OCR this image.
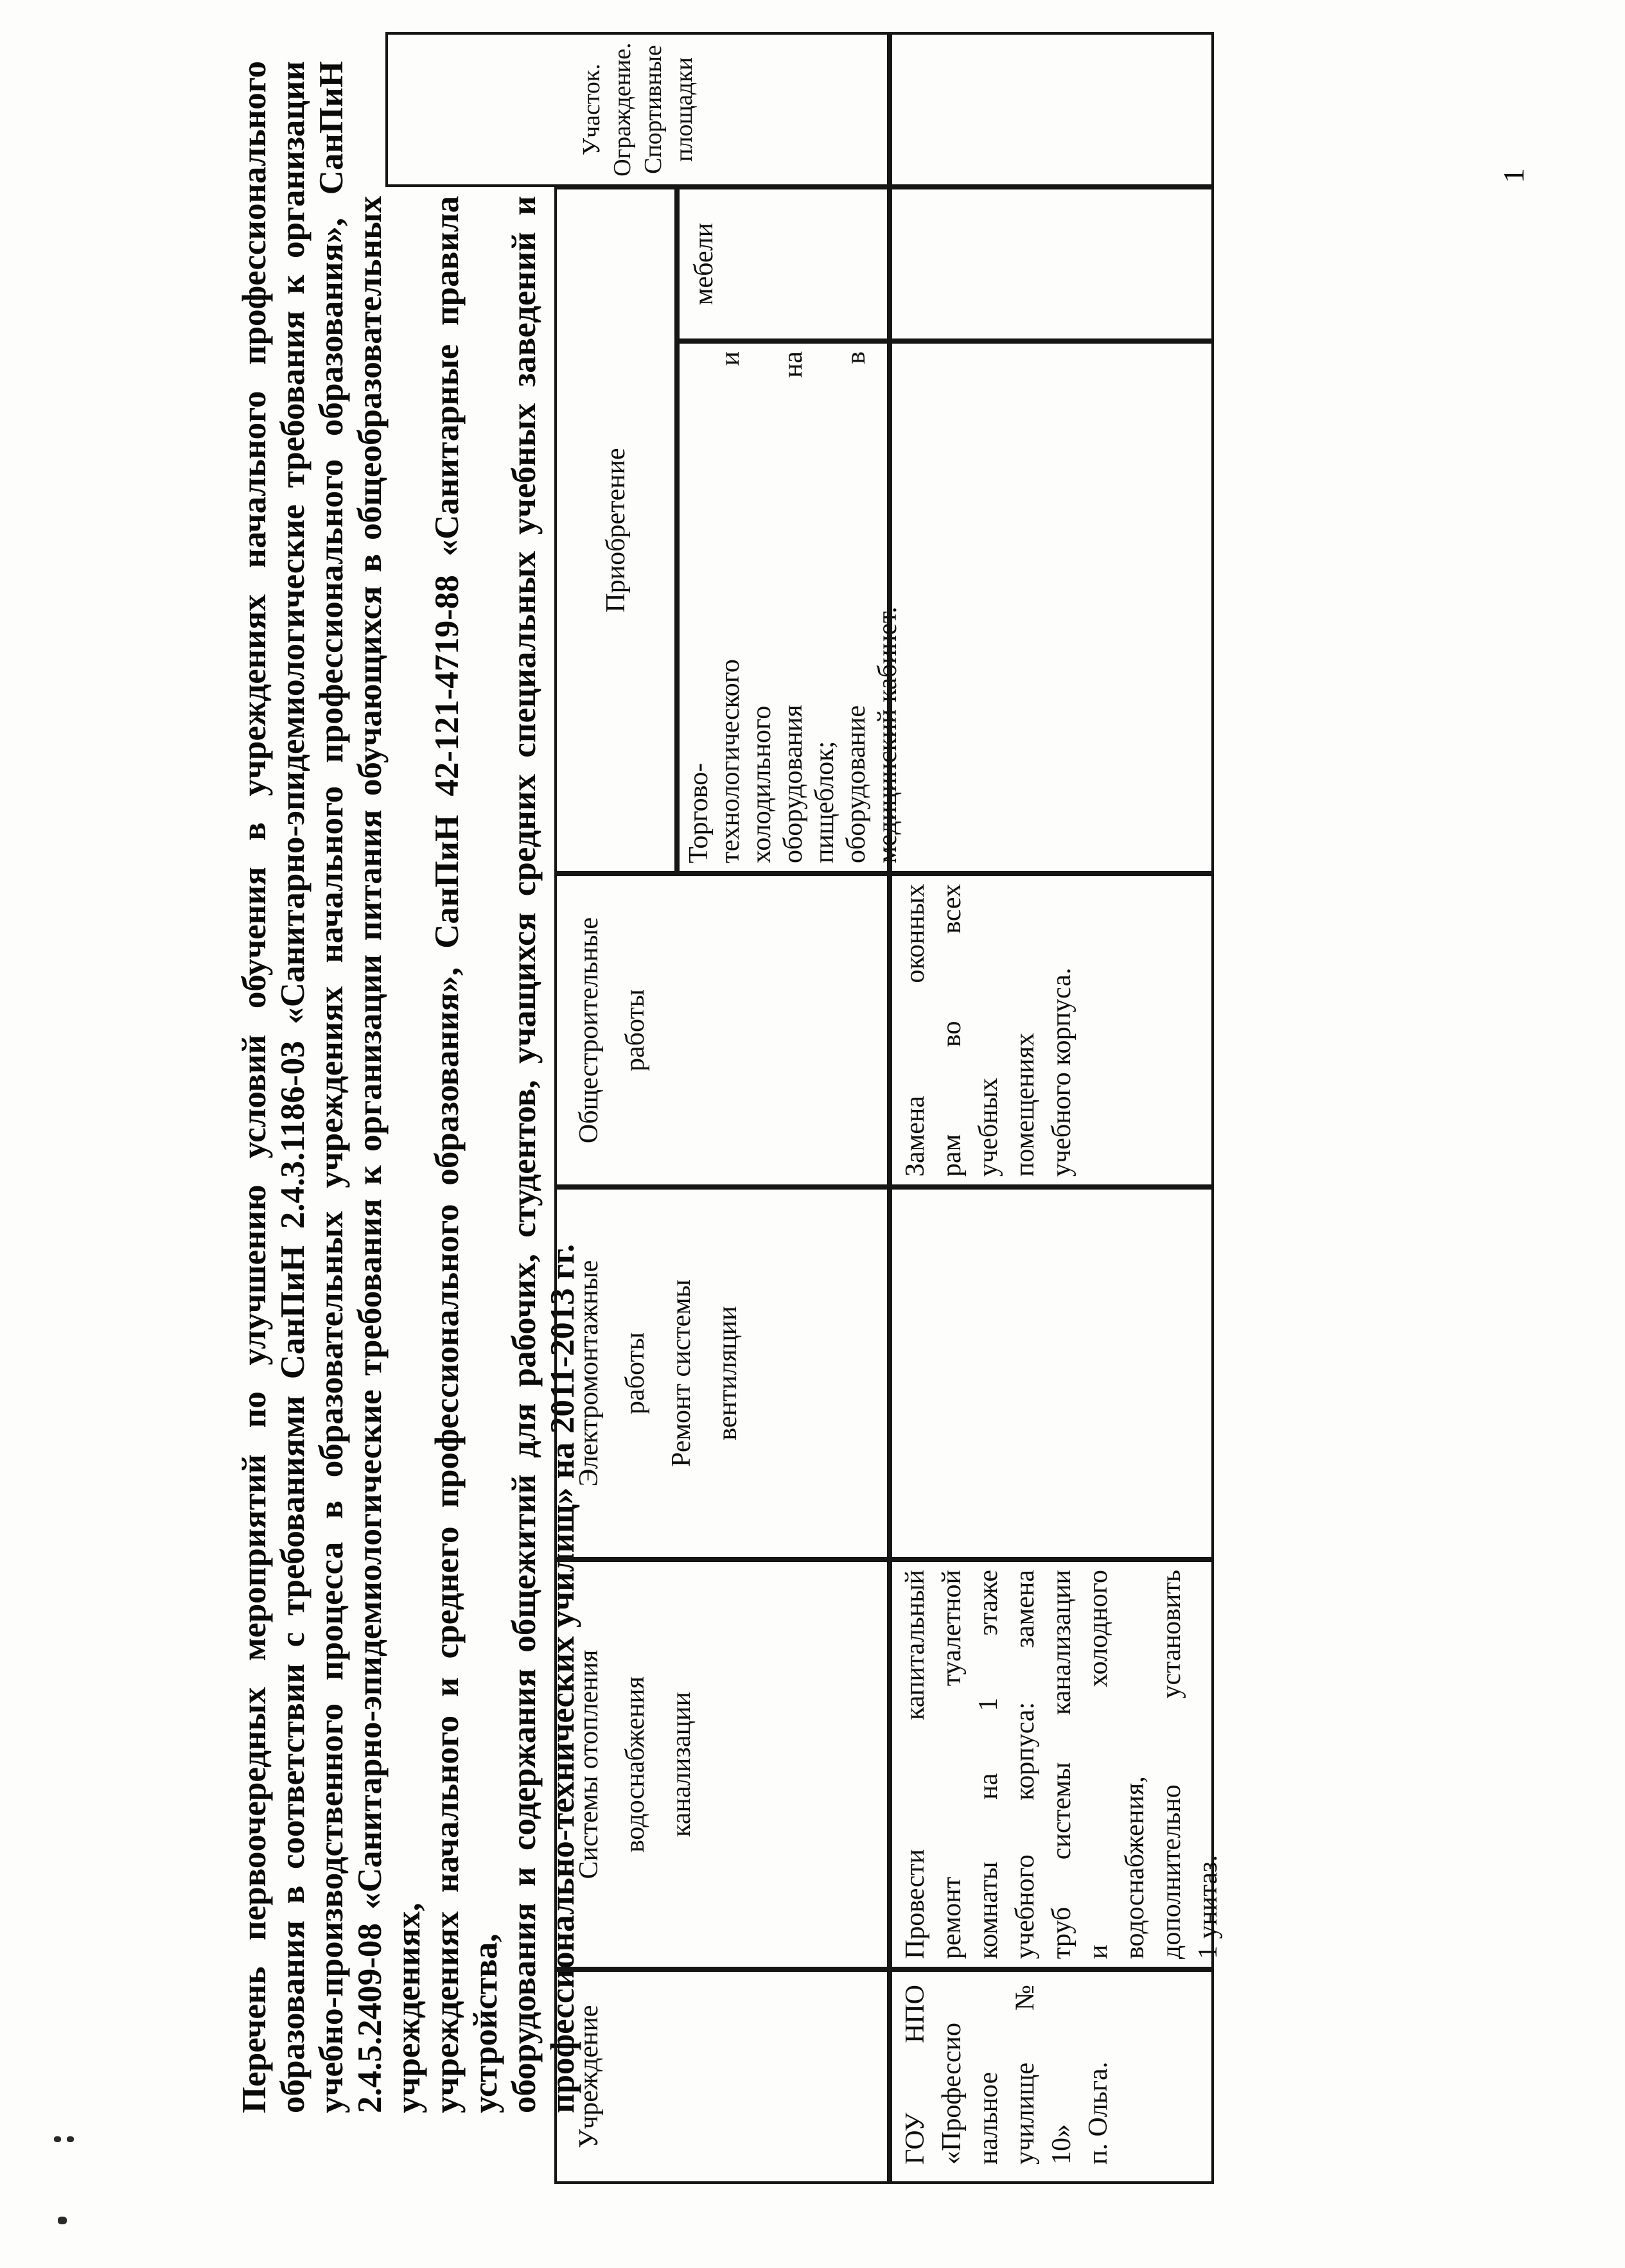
Перечень первоочередных мероприятий по улучшению условий обучения в учреждениях начального профессионального образования в соответствии с требованиями СанПиН 2.4.3.1186-03 «Санитарно-эпидемиологические требования к организации учебно-производственного процесса в образовательных учреждениях начального профессионального образования», СанПиН 2.4.5.2409-08 «Санитарно-эпидемиологические требования к организации питания обучающихся в общеобразовательных учреждениях, учреждениях начального и среднего профессионального образования», СанПиН 42-121-4719-88 «Санитарные правила устройства, оборудования и содержания общежитий для рабочих, студентов, учащихся средних специальных учебных заведений и профессионально-технических училищ» на 2011-2013 гг.
Учреждение
Системы отопления водоснабжения канализации
Электромонтажные работы Ремонт системы вентиляции
Общестроительные работы
Приобретение
Торгово- технологического и холодильного оборудования на пищеблок; оборудование в медицинский кабинет.
мебели
Участок. Ограждение. Спортивные площадки
ГОУ НПО «Профессио нальное училище № 10» п. Ольга.
Провести капитальный ремонт туалетной комнаты на 1 этаже учебного корпуса: замена труб системы канализации и холодного водоснабжения, дополнительно установить 1 унитаз.
Замена оконных рам во всех учебных помещениях учебного корпуса.
1
